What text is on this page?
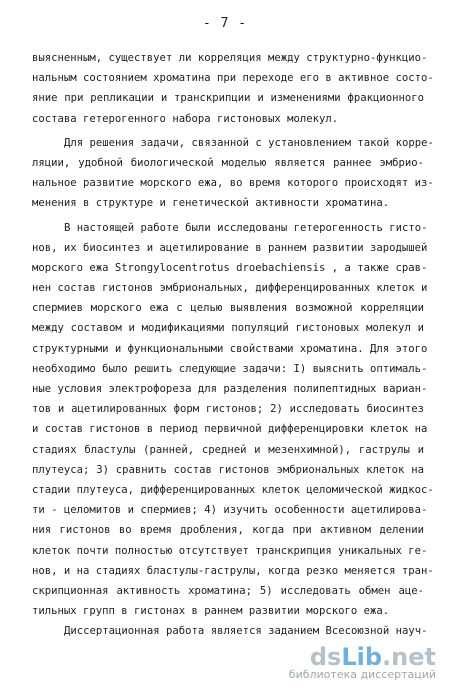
- 7 -
выясненным, существует ли корреляция между структурно-функцио-
нальным состоянием хроматина при переходе его в активное состо-
яние при репликации и транскрипции и изменениями фракционного
состава гетерогенного набора гистоновых молекул.
Для решения задачи, связанной с установлением такой корре-
ляции, удобной биологической моделью является раннее эмбрио-
нальное развитие морского ежа, во время которого происходят из-
менения в структуре и генетической активности хроматина.
В настоящей работе были исследованы гетерогенность гисто-
нов, их биосинтез и ацетилирование в раннем развитии зародышей
морского ежа Strongylocentrotus droebachiensis , а также срав-
нен состав гистонов эмбриональных, дифференцированных клеток и
спермиев морского ежа с целью выявления возможной корреляции
между составом и модификациями популяций гистоновых молекул и
структурными и функциональными свойствами хроматина. Для этого
необходимо было решить следующие задачи: I) выяснить оптималь-
ные условия электрофореза для разделения полипептидных вариан-
тов и ацетилированных форм гистонов; 2) исследовать биосинтез
и состав гистонов в период первичной дифференцировки клеток на
стадиях бластулы (ранней, средней и мезенхимной), гаструлы и
плутеуса; 3) сравнить состав гистонов эмбриональных клеток на
стадии плутеуса, дифференцированных клеток целомической жидкос-
ти - целомитов и спермиев; 4) изучить особенности ацетилирова-
ния гистонов во время дробления, когда при активном делении
клеток почти полностью отсутствует транскрипция уникальных ге-
нов, и на стадиях бластулы-гаструлы, когда резко меняется тран-
скрипционная активность хроматина; 5) исследовать обмен аце-
тильных групп в гистонах в раннем развитии морского ежа.
Диссертационная работа является заданием Всесоюзной науч-
dsLib.net
библиотека диссертаций
